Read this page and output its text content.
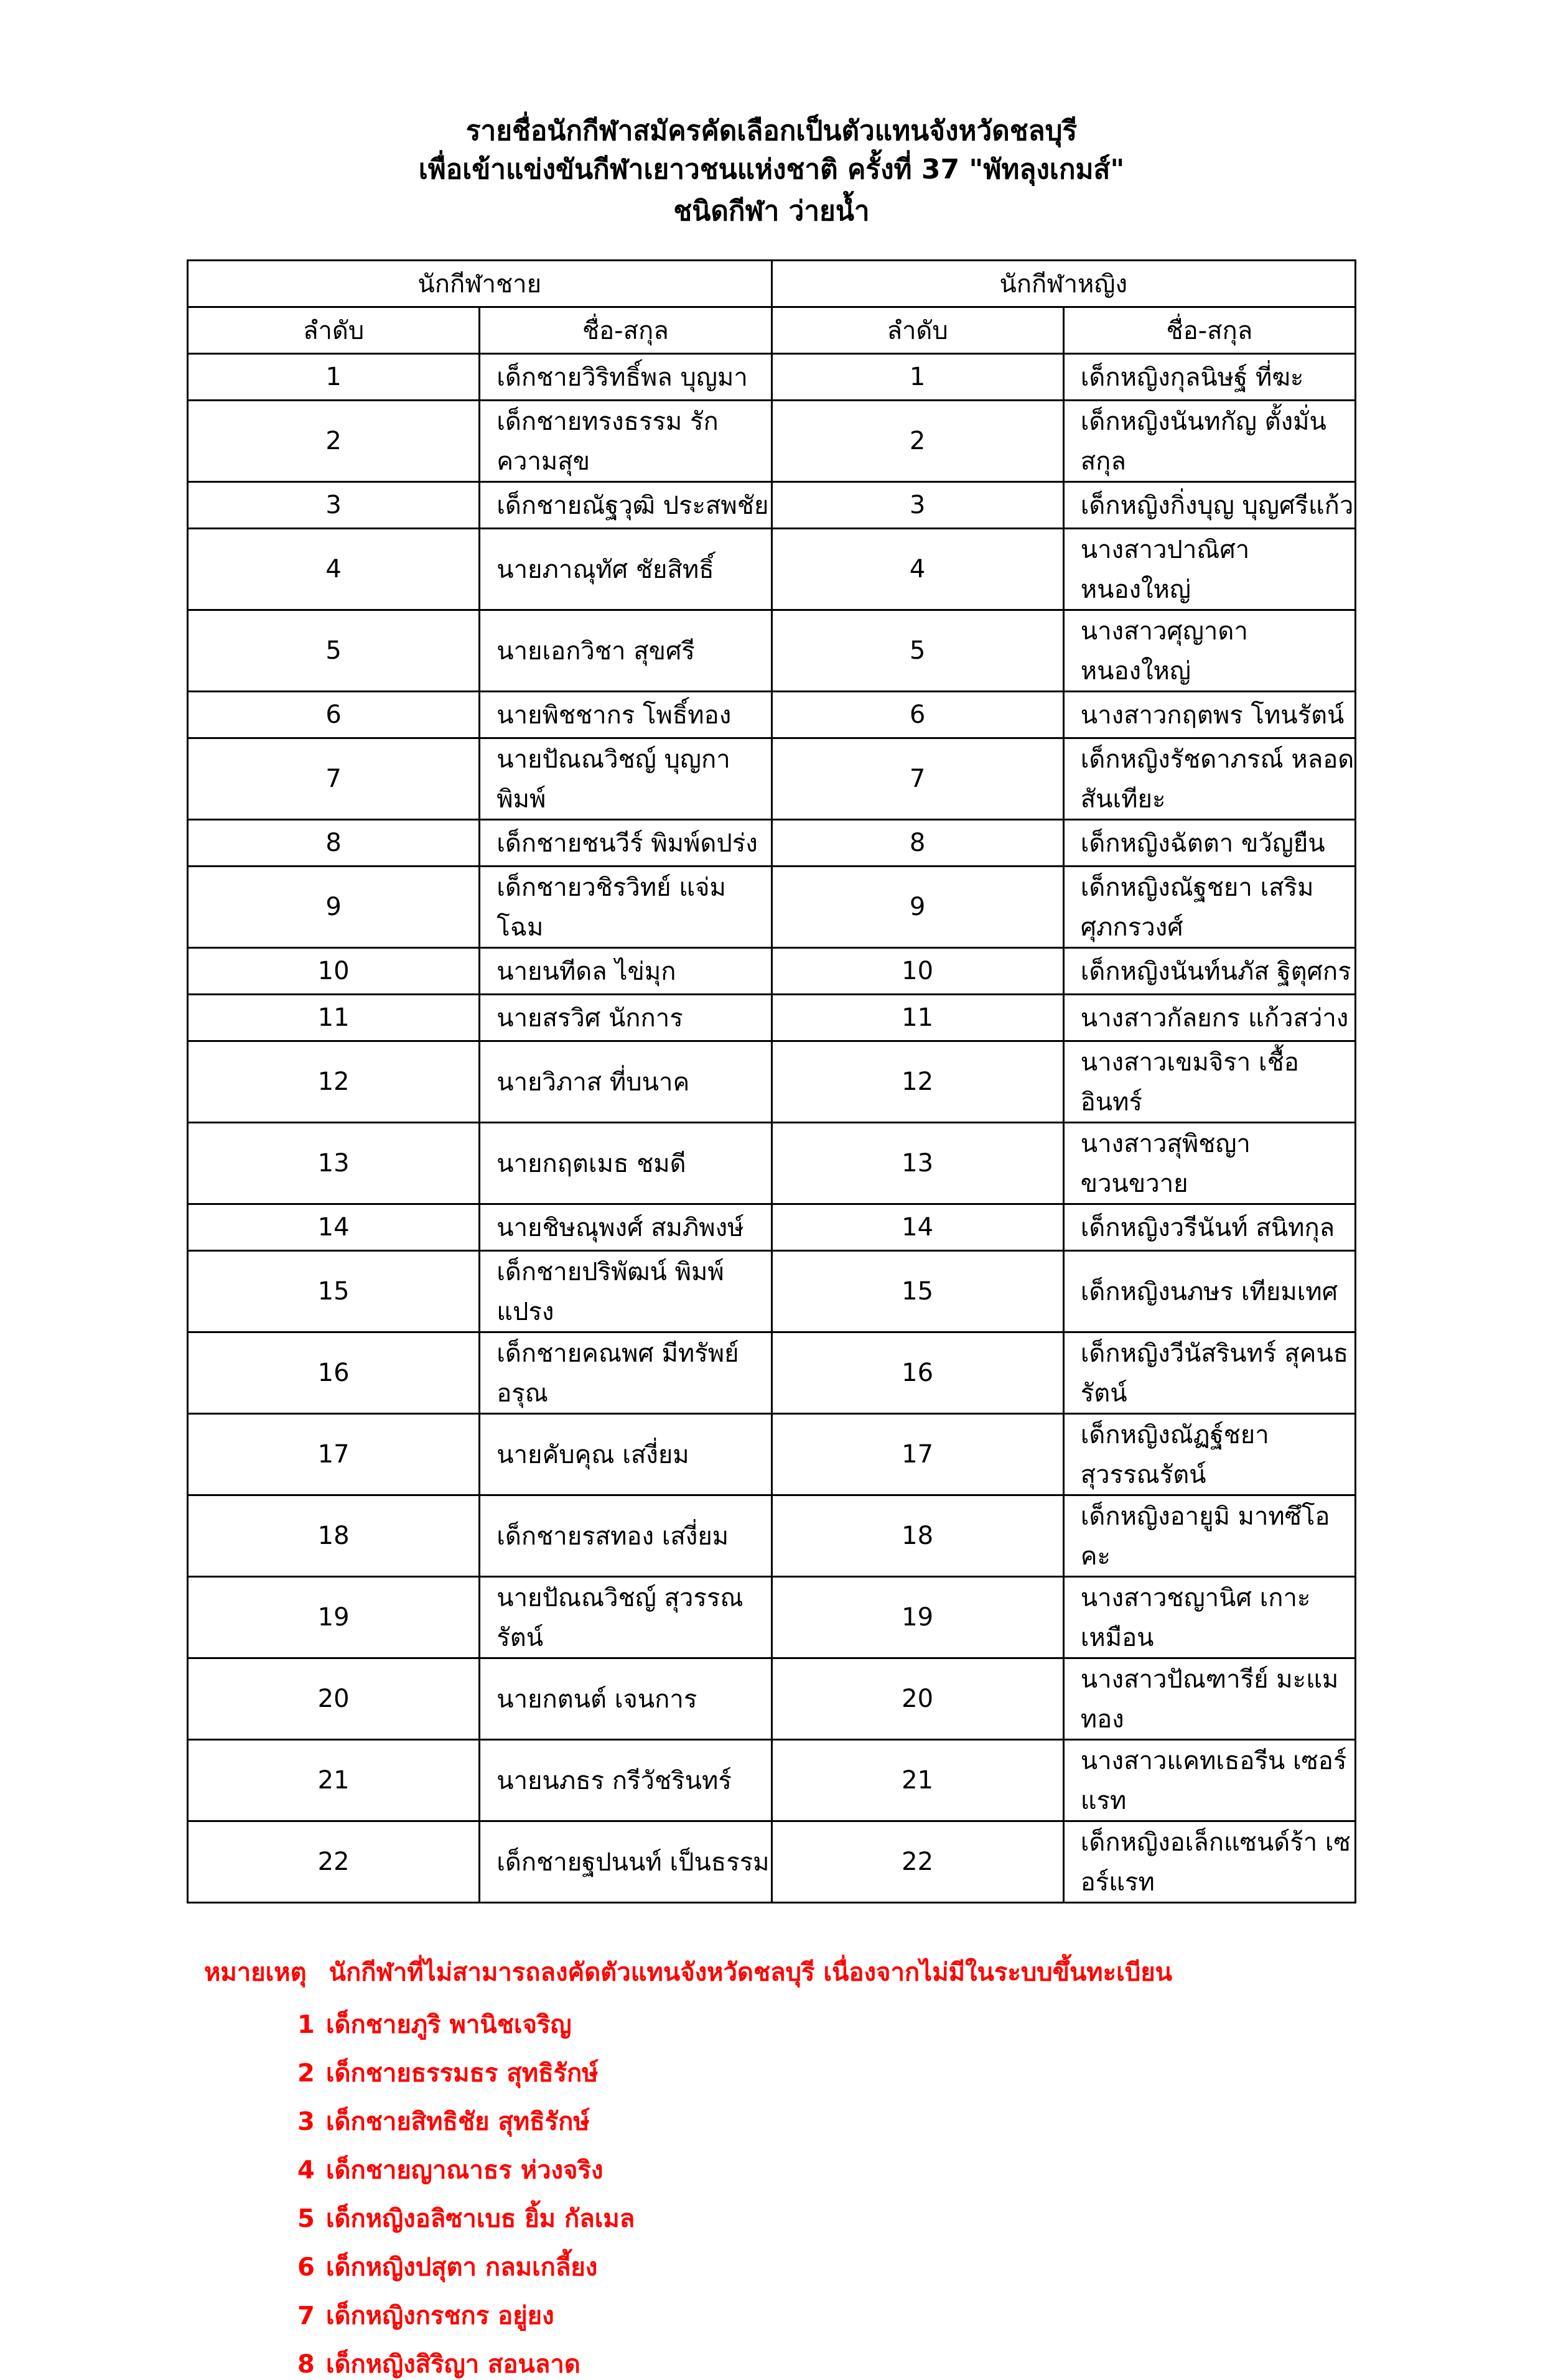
รายชื่อนักกีฬาสมัครคัดเลือกเป็นตัวแทนจังหวัดชลบุรี
เพื่อเข้าแข่งขันกีฬาเยาวชนแห่งชาติ ครั้งที่ 37 "พัทลุงเกมส์"
ชนิดกีฬา ว่ายน้ำ
นักกีฬาชาย		นักกีฬาหญิง	
ลำดับ	ชื่อ-สกุล	ลำดับ	ชื่อ-สกุล
1	เด็กชายวิริทธิ์พล บุญมา	1	เด็กหญิงกุลนิษฐ์ ที่ฆะ
2	เด็กชายทรงธรรม รักความสุข	2	เด็กหญิงนันทกัญ ตั้งมั่นสกุล
3	เด็กชายณัฐวุฒิ ประสพชัย	3	เด็กหญิงกิ่งบุญ บุญศรีแก้ว
4	นายภาณุทัศ ชัยสิทธิ์	4	นางสาวปาณิศา หนองใหญ่
5	นายเอกวิชา สุขศรี	5	นางสาวศุญาดา หนองใหญ่
6	นายพิชชากร โพธิ์ทอง	6	นางสาวกฤตพร โทนรัตน์
7	นายปัณณวิชญ์ บุญกาพิมพ์	7	เด็กหญิงรัชดาภรณ์ หลอดสันเทียะ
8	เด็กชายชนวีร์ พิมพ์ดปร่ง	8	เด็กหญิงฉัตตา ขวัญยืน
9	เด็กชายวชิรวิทย์ แจ่มโฉม	9	เด็กหญิงณัฐชยา เสริมศุภกรวงศ์
10	นายนทีดล ไข่มุก	10	เด็กหญิงนันท์นภัส ฐิตุศกร
11	นายสรวิศ นักการ	11	นางสาวกัลยกร แก้วสว่าง
12	นายวิภาส ที่บนาค	12	นางสาวเขมจิรา เชื้ออินทร์
13	นายกฤตเมธ ชมดี	13	นางสาวสุพิชญา ขวนขวาย
14	นายชิษณุพงศ์ สมภิพงษ์	14	เด็กหญิงวรีนันท์ สนิทกุล
15	เด็กชายปริพัฒน์ พิมพ์แปรง	15	เด็กหญิงนภษร เทียมเทศ
16	เด็กชายคณพศ มีทรัพย์อรุณ	16	เด็กหญิงวีนัสรินทร์ สุคนธรัตน์
17	นายคับคุณ เสงี่ยม	17	เด็กหญิงณัฏฐ์ชยา สุวรรณรัตน์
18	เด็กชายรสทอง เสงี่ยม	18	เด็กหญิงอายูมิ มาทซึโอคะ
19	นายปัณณวิชญ์ สุวรรณรัตน์	19	นางสาวชญานิศ เกาะเหมือน
20	นายกตนต์ เจนการ	20	นางสาวปัณฑารีย์ มะแมทอง
21	นายนภธร กรีวัชรินทร์	21	นางสาวแคทเธอรีน เซอร์แรท
22	เด็กชายฐปนนท์ เป็นธรรม	22	เด็กหญิงอเล็กแซนด์ร้า เซอร์แรท
หมายเหตุ นักกีฬาที่ไม่สามารถลงคัดตัวแทนจังหวัดชลบุรี เนื่องจากไม่มีในระบบขึ้นทะเบียน
1 เด็กชายภูริ พานิชเจริญ
2 เด็กชายธรรมธร สุทธิรักษ์
3 เด็กชายสิทธิชัย สุทธิรักษ์
4 เด็กชายญาณาธร ห่วงจริง
5 เด็กหญิงอลิซาเบธ ยิ้ม กัลเมล
6 เด็กหญิงปสุตา กลมเกลี้ยง
7 เด็กหญิงกรชกร อยู่ยง
8 เด็กหญิงสิริญา สอนลาด
